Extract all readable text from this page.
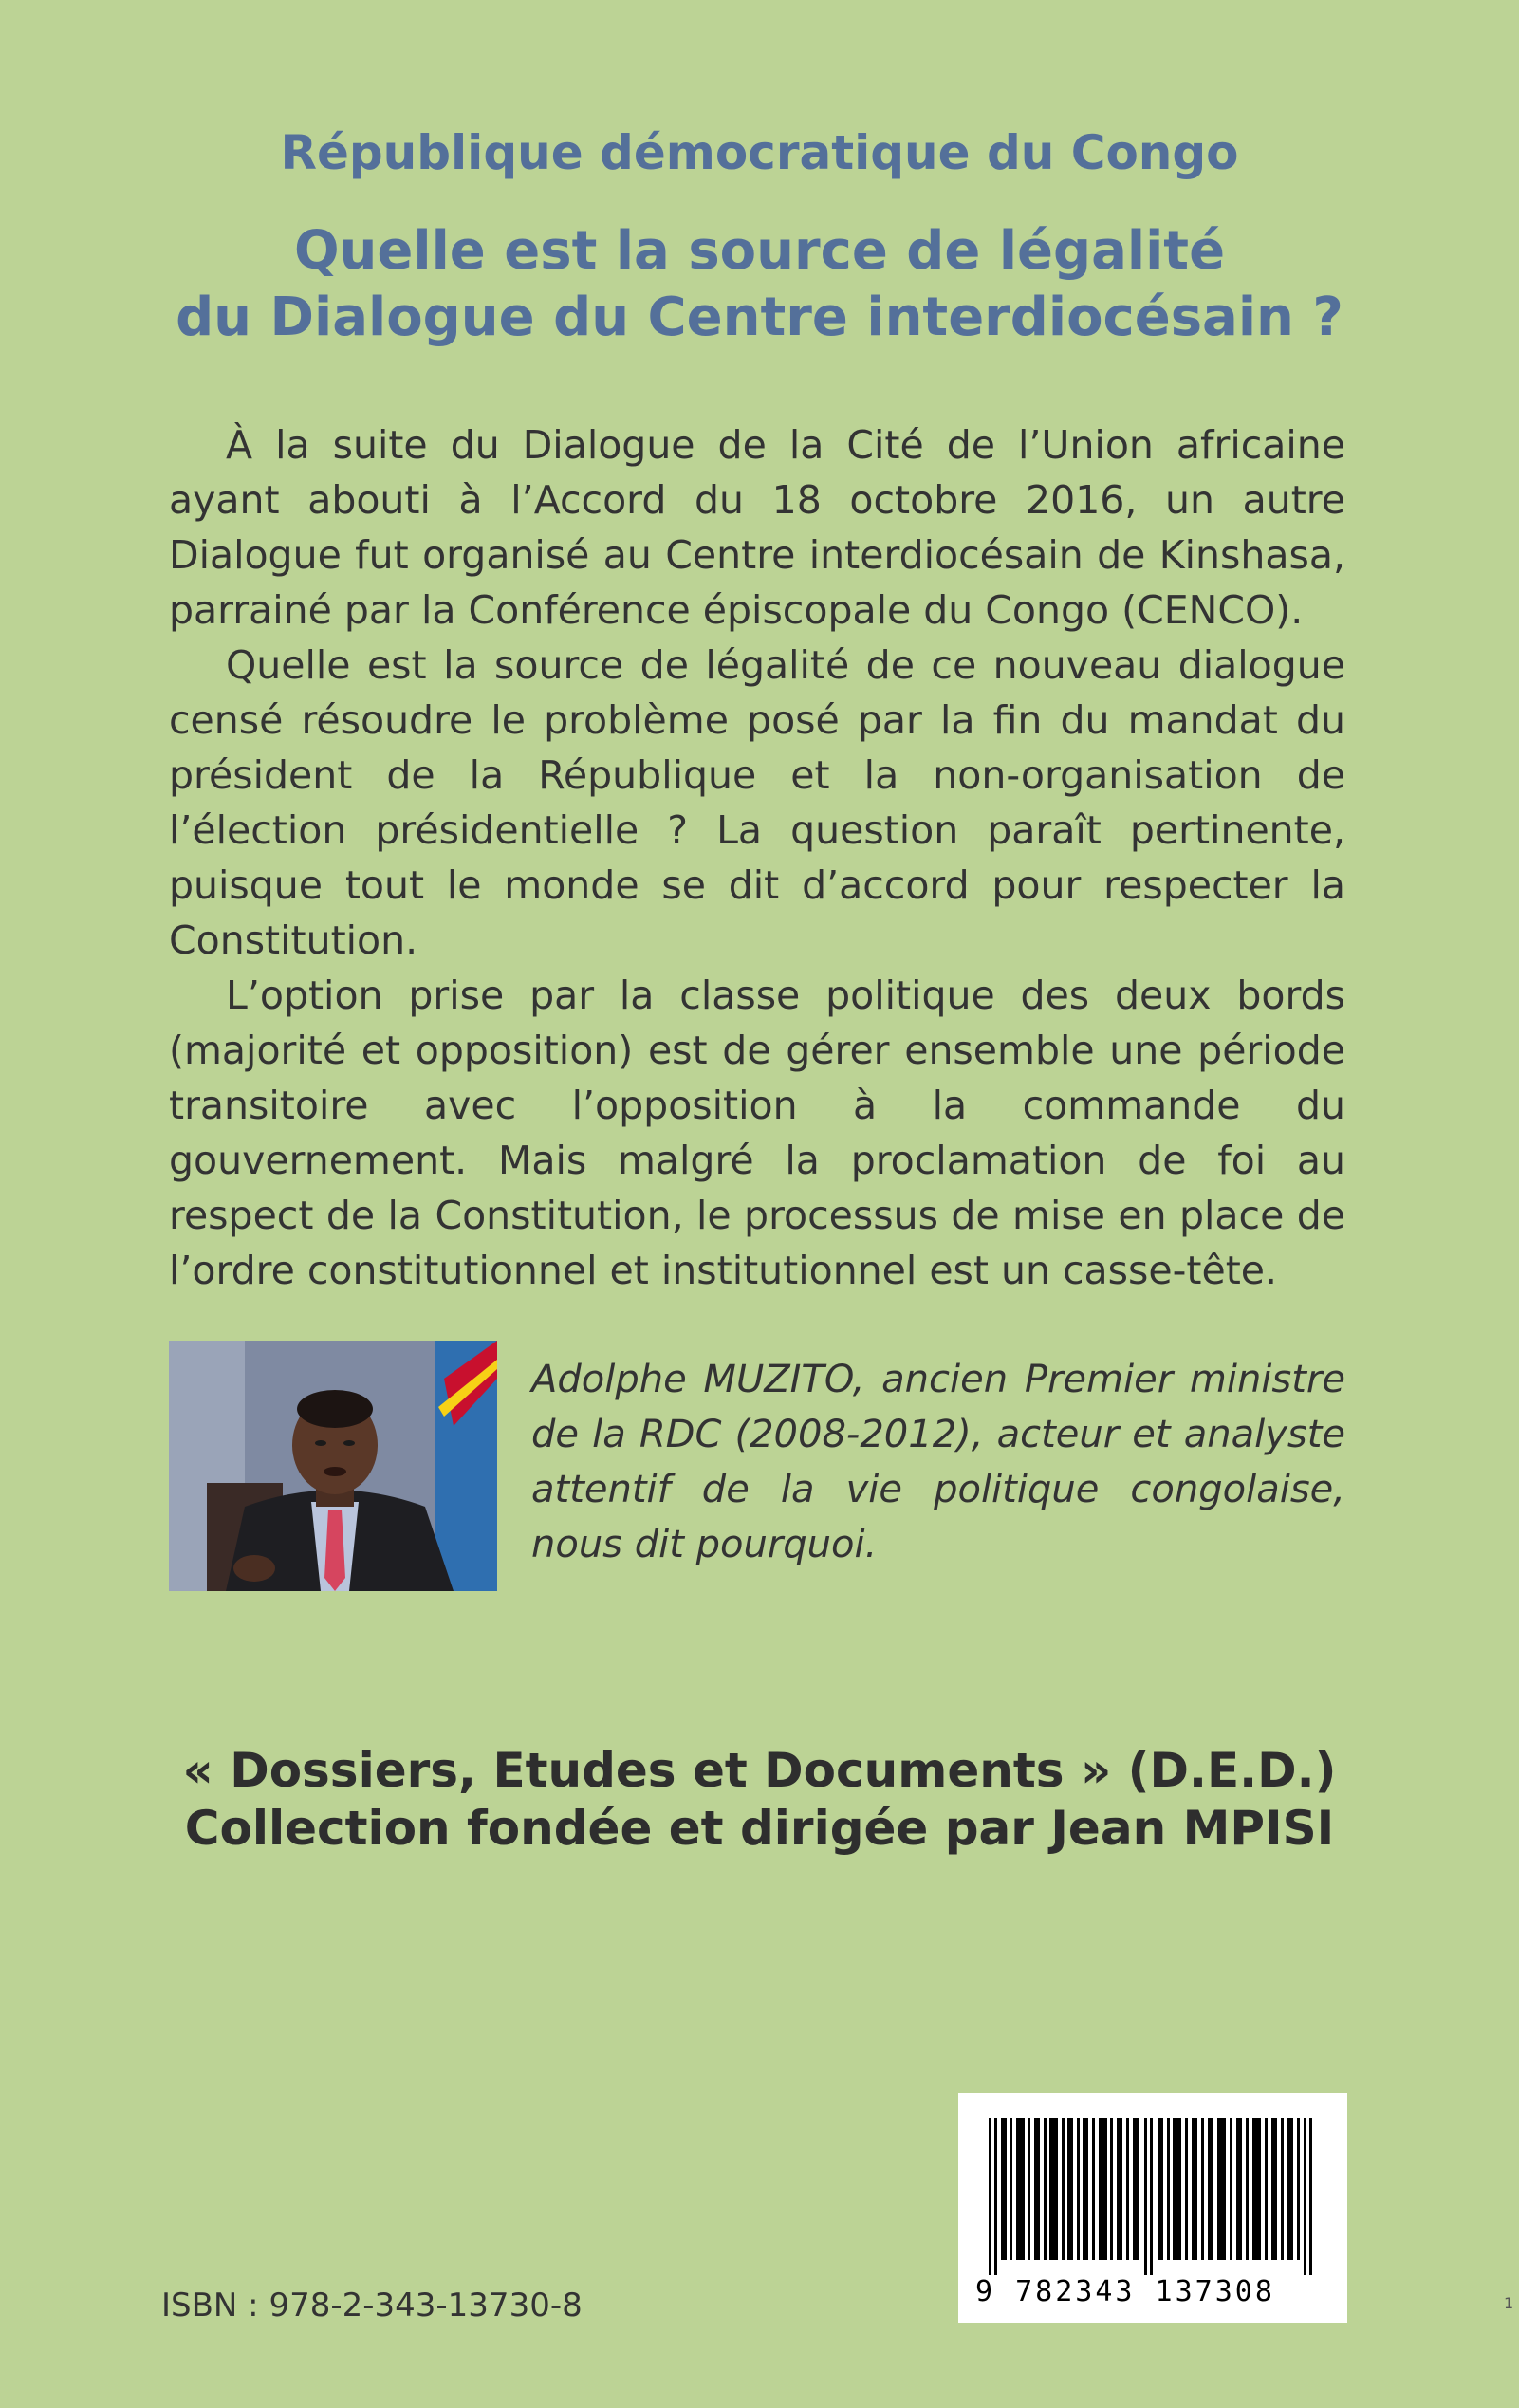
République démocratique du Congo
Quelle est la source de légalité
du Dialogue du Centre interdiocésain ?

À la suite du Dialogue de la Cité de l’Union africaine ayant abouti à l’Accord du 18 octobre 2016, un autre Dialogue fut organisé au Centre interdiocésain de Kinshasa, parrainé par la Conférence épiscopale du Congo (CENCO).

Quelle est la source de légalité de ce nouveau dialogue censé résoudre le problème posé par la fin du mandat du président de la République et la non-organisation de l’élection présidentielle ? La question paraît pertinente, puisque tout le monde se dit d’accord pour respecter la Constitution.

L’option prise par la classe politique des deux bords (majorité et opposition) est de gérer ensemble une période transitoire avec l’opposition à la commande du gouvernement. Mais malgré la proclamation de foi au respect de la Constitution, le processus de mise en place de l’ordre constitutionnel et institutionnel est un casse-tête.

Adolphe MUZITO, ancien Premier ministre de la RDC (2008-2012), acteur et analyste attentif de la vie politique congolaise, nous dit pourquoi.
« Dossiers, Etudes et Documents » (D.E.D.)
Collection fondée et dirigée par Jean MPISI
9 782343 137308
ISBN : 978-2-343-13730-8	1
